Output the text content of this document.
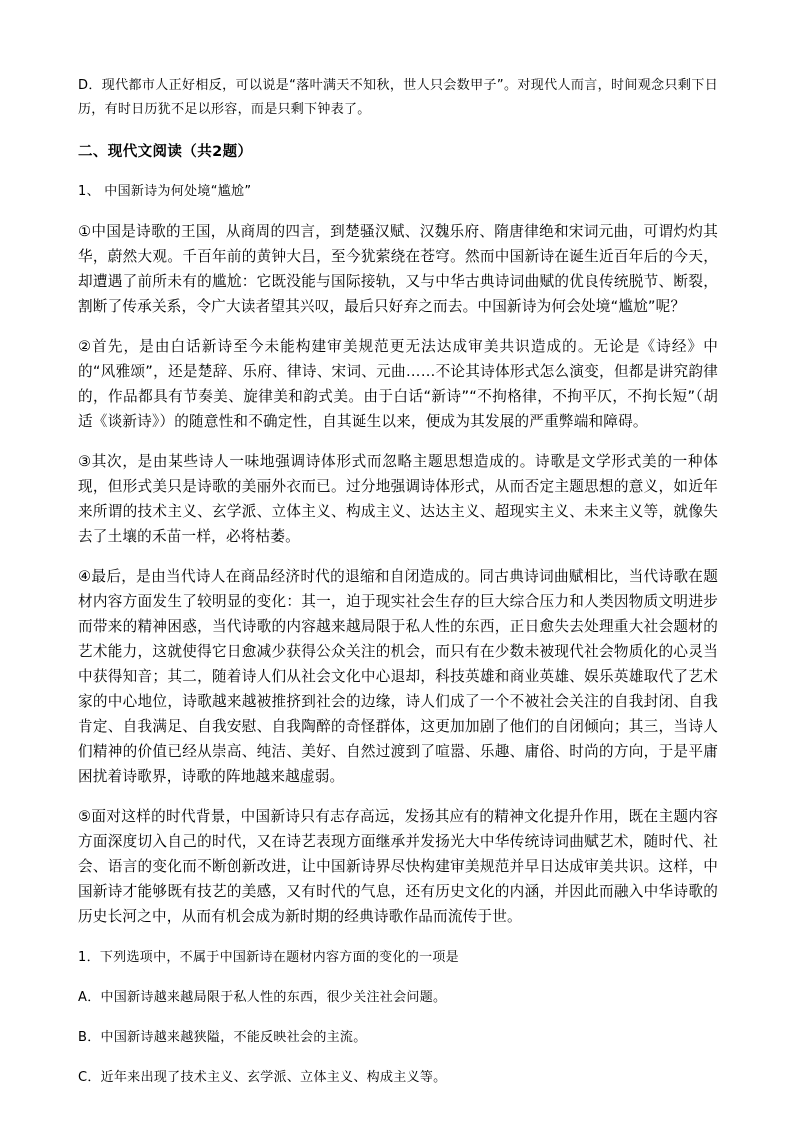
D．现代都市人正好相反，可以说是“落叶满天不知秋，世人只会数甲子”。对现代人而言，时间观念只剩下日历，有时日历犹不足以形容，而是只剩下钟表了。

二、现代文阅读（共2题）

1、 中国新诗为何处境“尴尬”

①中国是诗歌的王国，从商周的四言，到楚骚汉赋、汉魏乐府、隋唐律绝和宋词元曲，可谓灼灼其华，蔚然大观。千百年前的黄钟大吕，至今犹萦绕在苍穹。然而中国新诗在诞生近百年后的今天，却遭遇了前所未有的尴尬：它既没能与国际接轨，又与中华古典诗词曲赋的优良传统脱节、断裂，割断了传承关系，令广大读者望其兴叹，最后只好弃之而去。中国新诗为何会处境“尴尬”呢？

②首先，是由白话新诗至今未能构建审美规范更无法达成审美共识造成的。无论是《诗经》中的“风雅颂”，还是楚辞、乐府、律诗、宋词、元曲……不论其诗体形式怎么演变，但都是讲究韵律的，作品都具有节奏美、旋律美和韵式美。由于白话“新诗”“不拘格律，不拘平仄，不拘长短”（胡适《谈新诗》）的随意性和不确定性，自其诞生以来，便成为其发展的严重弊端和障碍。

③其次，是由某些诗人一味地强调诗体形式而忽略主题思想造成的。诗歌是文学形式美的一种体现，但形式美只是诗歌的美丽外衣而已。过分地强调诗体形式，从而否定主题思想的意义，如近年来所谓的技术主义、玄学派、立体主义、构成主义、达达主义、超现实主义、未来主义等，就像失去了土壤的禾苗一样，必将枯萎。

④最后，是由当代诗人在商品经济时代的退缩和自闭造成的。同古典诗词曲赋相比，当代诗歌在题材内容方面发生了较明显的变化：其一，迫于现实社会生存的巨大综合压力和人类因物质文明进步而带来的精神困惑，当代诗歌的内容越来越局限于私人性的东西，正日愈失去处理重大社会题材的艺术能力，这就使得它日愈减少获得公众关注的机会，而只有在少数未被现代社会物质化的心灵当中获得知音；其二，随着诗人们从社会文化中心退却，科技英雄和商业英雄、娱乐英雄取代了艺术家的中心地位，诗歌越来越被推挤到社会的边缘，诗人们成了一个不被社会关注的自我封闭、自我肯定、自我满足、自我安慰、自我陶醉的奇怪群体，这更加加剧了他们的自闭倾向；其三，当诗人们精神的价值已经从崇高、纯洁、美好、自然过渡到了喧嚣、乐趣、庸俗、时尚的方向，于是平庸困扰着诗歌界，诗歌的阵地越来越虚弱。

⑤面对这样的时代背景，中国新诗只有志存高远，发扬其应有的精神文化提升作用，既在主题内容方面深度切入自己的时代，又在诗艺表现方面继承并发扬光大中华传统诗词曲赋艺术，随时代、社会、语言的变化而不断创新改进，让中国新诗界尽快构建审美规范并早日达成审美共识。这样，中国新诗才能够既有技艺的美感，又有时代的气息，还有历史文化的内涵，并因此而融入中华诗歌的历史长河之中，从而有机会成为新时期的经典诗歌作品而流传于世。

1．下列选项中，不属于中国新诗在题材内容方面的变化的一项是

A．中国新诗越来越局限于私人性的东西，很少关注社会问题。

B．中国新诗越来越狭隘，不能反映社会的主流。

C．近年来出现了技术主义、玄学派、立体主义、构成主义等。
